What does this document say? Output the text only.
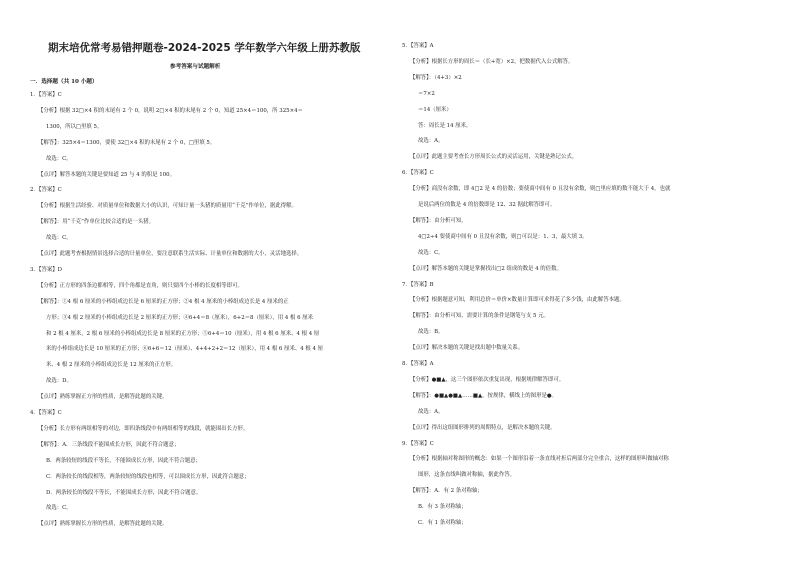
期末培优常考易错押题卷-2024-2025 学年数学六年级上册苏教版
参考答案与试题解析
一．选择题（共 10 小题）
1．【答案】C
【分析】根据 32□×4 积的末尾有 2 个 0，说明 2□×4 积的末尾有 2 个 0，知道 25×4＝100，所 325×4＝
1300，所以□里填 5。
【解答】：325×4＝1300，要使 32□×4 积的末尾有 2 个 0，□里填 5。
故选：C。
【点评】解答本题的关键是要知道 25 与 4 的积是 100。
2．【答案】C
【分析】根据生活经验、对质量单位和数据大小的认识，可知计量一头猪的质量用“千克”作单位，据此得解。
【解答】：用“千克”作单位比较合适的是一头猪。
故选：C。
【点评】此题考查根据情景选择合适的计量单位，要注意联系生活实际、计量单位和数据的大小，灵活地选择。
3．【答案】D
【分析】正方形的四条边都相等，四个角都是直角，则只要四个小棒的长度相等即可。
【解答】：①4 根 6 厘米的小棒组成边长是 6 厘米的正方形；②4 根 4 厘米的小棒组成边长是 4 厘米的正
方形；③4 根 2 厘米的小棒组成边长是 2 厘米的正方形；④6+4＝8（厘米），6+2＝8（厘米），用 4 根 6 厘米
和 2 根 4 厘米，2 根 6 厘米的小棒组成边长是 8 厘米的正方形；⑤6+4＝10（厘米），用 4 根 6 厘米、4 根 4 厘
米的小棒组成边长是 10 厘米的正方形；⑥6+6＝12（厘米）、4+4+2+2＝12（厘米），用 4 根 6 厘米、4 根 4 厘
米、4 根 2 厘米的小棒组成边长是 12 厘米的正方形。
故选：D。
【点评】熟练掌握正方形的性质，是解答此题的关键。
4．【答案】C
【分析】长方形有两组相等的对边，即四条线段中有两组相等的线段，就能围出长方形。
【解答】：A．三条线段不能围成长方形，因此不符合题意；
B．两条较短的线段不等长，不能围成长方形，因此不符合题意；
C．两条较长的线段相等，两条较短的线段也相等，可以围成长方形，因此符合题意；
D．两条较长的线段不等长，不能围成长方形，因此不符合题意。
故选：C。
【点评】熟练掌握长方形的性质，是解答此题的关键。
5．【答案】A
【分析】根据长方形的周长＝（长+宽）×2，把数据代入公式解答。
【解答】：（4+3）×2
＝7×2
＝14（厘米）
答：周长是 14 厘米。
故选：A。
【点评】此题主要考查长方形周长公式的灵活运用，关键是熟记公式。
6．【答案】C
【分析】商没有余数，即 4□2 是 4 的倍数；要使商中间有 0 且没有余数，则□里应填的数不能大于 4，也就
是说后两位的数是 4 的倍数即是 12、32 据此解答即可。
【解答】：由分析可知，
4□2÷4 要使商中间有 0 且没有余数，则□可以是：1、3，最大填 3。
故选：C。
【点评】解答本题的关键是掌握找出□2 组成的数是 4 的倍数。
7．【答案】B
【分析】根据题意可知，利用总价＝单价×数量计算即可求得花了多少钱，由此解答本题。
【解答】：由分析可知，需要计算的条件是钢笔与支 5 元。
故选：B。
【点评】解决本题的关键是找出题中数量关系。
8．【答案】A
【分析】●■▲，这三个图形依次重复出现，根据规律解答即可。
【解答】：●■▲●■▲……■▲，按规律，横线上的图形是●。
故选：A。
【点评】得出这组图形排列的周期特点，是解决本题的关键。
9．【答案】C
【分析】根据轴对称图形的概念：如果一个图形沿着一条直线对折后两部分完全重合，这样的图形叫做轴对称
图形，这条直线叫做对称轴，据此作答。
【解答】：A．有 2 条对称轴；
B．有 3 条对称轴；
C．有 1 条对称轴；
